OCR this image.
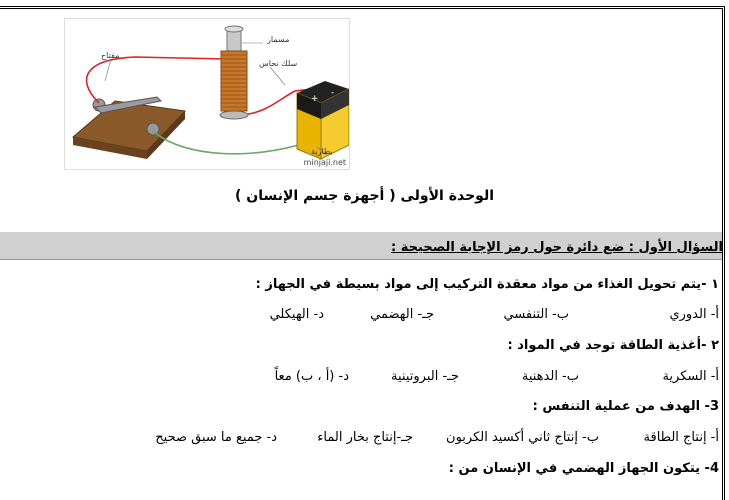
+
-
مسمار
سلك نحاس
مفتاح
بطارية
minjaji.net
الوحدة الأولى ( أجهزة جسم الإنسان )
السؤال الأول : ضع دائرة حول رمز الإجابة الصحيحة :
١ -يتم تحويل الغذاء من مواد معقدة التركيب إلى مواد بسيطة في الجهاز :
أ- الدوري
ب- التنفسي
جـ- الهضمي
د- الهيكلي
٢ -أغذية الطاقة توجد في المواد :
أ- السكرية
ب- الدهنية
جـ- البروتينية
د- (أ ، ب) معاً
3- الهدف من عملية التنفس :
أ- إنتاج الطاقة
ب- إنتاج ثاني أكسيد الكربون
جـ-إنتاج بخار الماء
د- جميع ما سبق صحيح
4- يتكون الجهاز الهضمي في الإنسان من :
